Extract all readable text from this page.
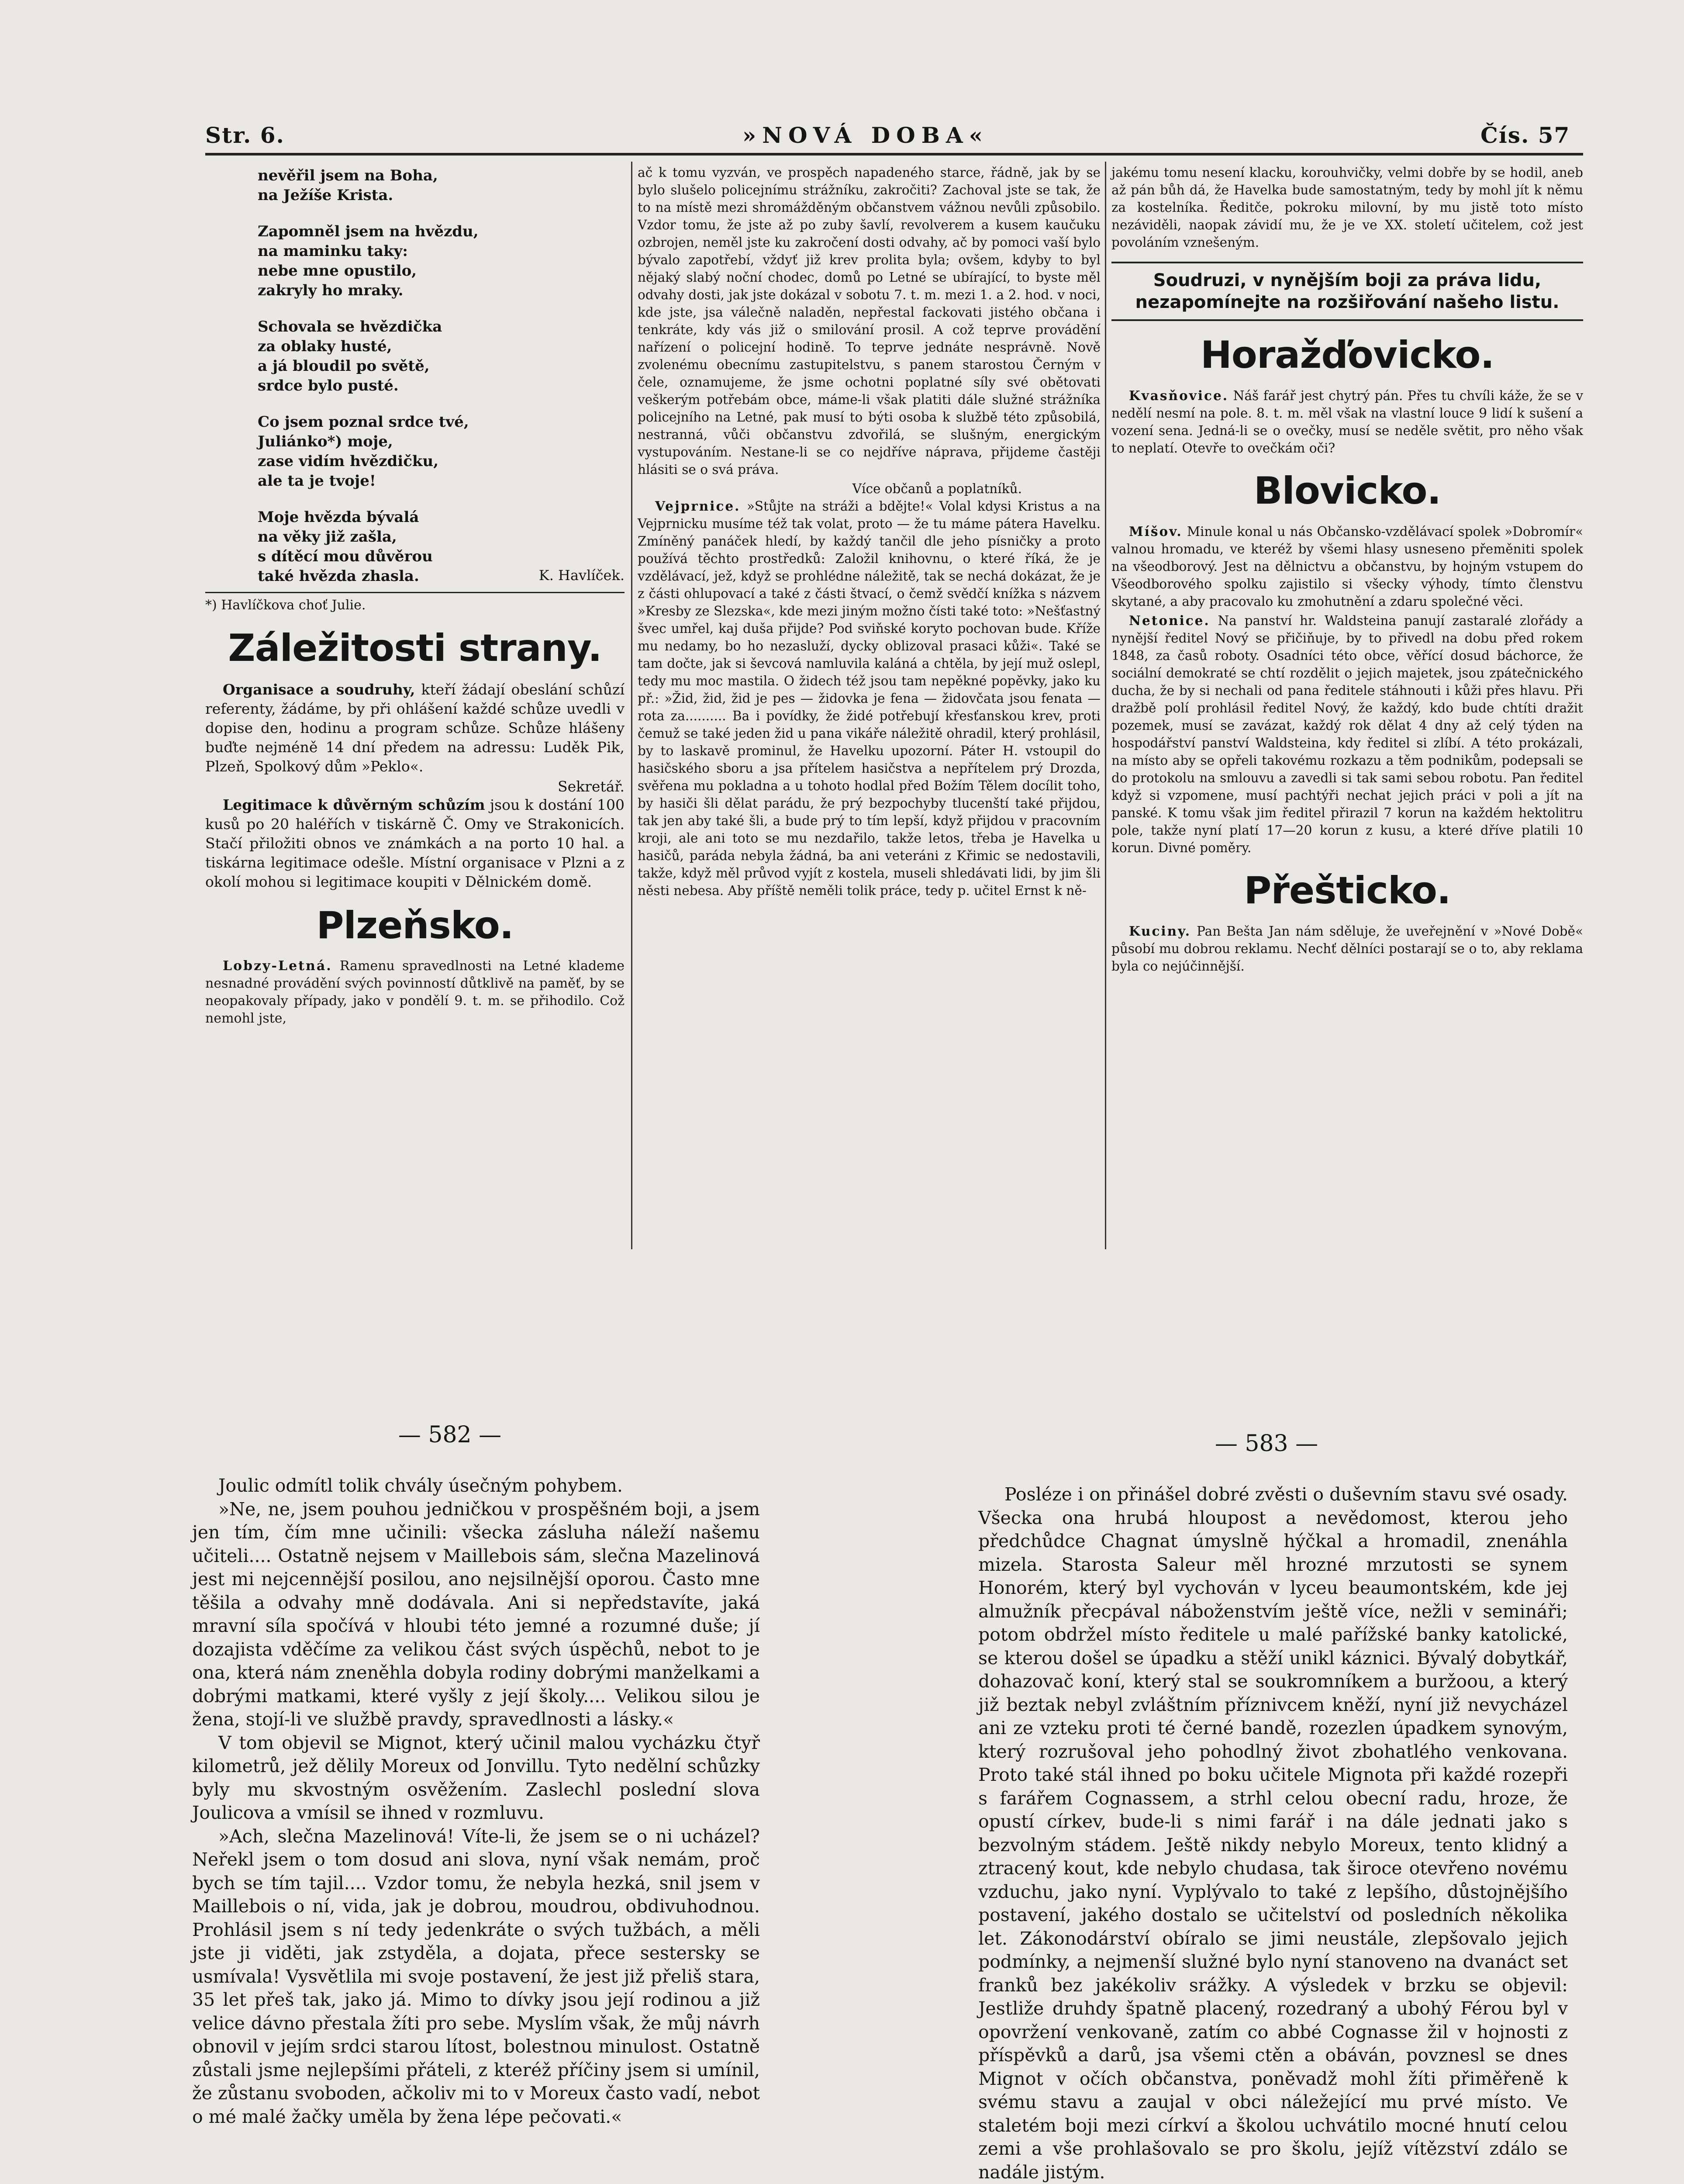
Str. 6.	»NOVÁ DOBA«	Čís. 57

nevěřil jsem na Boha,
na Ježíše Krista.

Zapomněl jsem na hvězdu,
na maminku taky:
nebe mne opustilo,
zakryly ho mraky.

Schovala se hvězdička
za oblaky husté,
a já bloudil po světě,
srdce bylo pusté.

Co jsem poznal srdce tvé,
Juliánko*) moje,
zase vidím hvězdičku,
ale ta je tvoje!

Moje hvězda bývalá
na věky již zašla,
s dítěcí mou důvěrou
také hvězda zhasla.	K. Havlíček.
*) Havlíčkova choť Julie.
Záležitosti strany.

Organisace a soudruhy, kteří žádají obeslání schůzí referenty, žádáme, by při ohlášení každé schůze uvedli v dopise den, hodinu a program schůze. Schůze hlášeny buďte nejméně 14 dní předem na adressu: Luděk Pik, Plzeň, Spolkový dům »Peklo«.

Sekretář.

Legitimace k důvěrným schůzím jsou k dostání 100 kusů po 20 haléřích v tiskárně Č. Omy ve Strakonicích. Stačí přiložiti obnos ve známkách a na porto 10 hal. a tiskárna legitimace odešle. Místní organisace v Plzni a z okolí mohou si legitimace koupiti v Dělnickém domě.

Plzeňsko.

Lobzy-Letná. Ramenu spravedlnosti na Letné klademe nesnadné provádění svých povinností důtklivě na paměť, by se neopakovaly případy, jako v pondělí 9. t. m. se přihodilo. Což nemohl jste,

ač k tomu vyzván, ve prospěch napadeného starce, řádně, jak by se bylo slušelo policejnímu strážníku, zakročiti? Zachoval jste se tak, že to na místě mezi shromážděným občanstvem vážnou nevůli způsobilo. Vzdor tomu, že jste až po zuby šavlí, revolverem a kusem kaučuku ozbrojen, neměl jste ku zakročení dosti odvahy, ač by pomoci vaší bylo bývalo zapotřebí, vždyť již krev prolita byla; ovšem, kdyby to byl nějaký slabý noční chodec, domů po Letné se ubírající, to byste měl odvahy dosti, jak jste dokázal v sobotu 7. t. m. mezi 1. a 2. hod. v noci, kde jste, jsa válečně naladěn, nepřestal fackovati jistého občana i tenkráte, kdy vás již o smilování prosil. A což teprve provádění nařízení o policejní hodině. To teprve jednáte nesprávně. Nově zvolenému obecnímu zastupitelstvu, s panem starostou Černým v čele, oznamujeme, že jsme ochotni poplatné síly své obětovati veškerým potřebám obce, máme-li však platiti dále služné strážníka policejního na Letné, pak musí to býti osoba k službě této způsobilá, nestranná, vůči občanstvu zdvořilá, se slušným, energickým vystupováním. Nestane-li se co nejdříve náprava, přijdeme častěji hlásiti se o svá práva.

Více občanů a poplatníků.

Vejprnice. »Stůjte na stráži a bdějte!« Volal kdysi Kristus a na Vejprnicku musíme též tak volat, proto — že tu máme pátera Havelku. Zmíněný panáček hledí, by každý tančil dle jeho písničky a proto používá těchto prostředků: Založil knihovnu, o které říká, že je vzdělávací, jež, když se prohlédne náležitě, tak se nechá dokázat, že je z části ohlupovací a také z části štvací, o čemž svědčí knížka s názvem »Kresby ze Slezska«, kde mezi jiným možno čísti také toto: »Nešťastný švec umřel, kaj duša přijde? Pod sviňské koryto pochovan bude. Kříže mu nedamy, bo ho nezasluží, dycky oblizoval prasaci kůži«. Také se tam dočte, jak si ševcová namluvila kaláná a chtěla, by její muž oslepl, tedy mu moc mastila. O židech též jsou tam nepěkné popěvky, jako ku př.: »Žid, žid, žid je pes — židovka je fena — židovčata jsou fenata — rota za.......... Ba i povídky, že židé potřebují křesťanskou krev, proti čemuž se také jeden žid u pana vikáře náležitě ohradil, který prohlásil, by to laskavě prominul, že Havelku upozorní. Páter H. vstoupil do hasičského sboru a jsa přítelem hasičstva a nepřítelem prý Drozda, svěřena mu pokladna a u tohoto hodlal před Božím Tělem docílit toho, by hasiči šli dělat parádu, že prý bezpochyby tlucenští také přijdou, tak jen aby také šli, a bude prý to tím lepší, když přijdou v pracovním kroji, ale ani toto se mu nezdařilo, takže letos, třeba je Havelka u hasičů, paráda nebyla žádná, ba ani veteráni z Křimic se nedostavili, takže, když měl průvod vyjít z kostela, museli shledávati lidi, by jim šli něsti nebesa. Aby příště neměli tolik práce, tedy p. učitel Ernst k ně-

jakému tomu nesení klacku, korouhvičky, velmi dobře by se hodil, aneb až pán bůh dá, že Havelka bude samostatným, tedy by mohl jít k němu za kostelníka. Ředitče, pokroku milovní, by mu jistě toto místo nezáviděli, naopak závidí mu, že je ve XX. století učitelem, což jest povoláním vznešeným.

Soudruzi, v nynějším boji za práva lidu, nezapomínejte na rozšiřování našeho listu.
Horažďovicko.

Kvasňovice. Náš farář jest chytrý pán. Přes tu chvíli káže, že se v nedělí nesmí na pole. 8. t. m. měl však na vlastní louce 9 lidí k sušení a vození sena. Jedná-li se o ovečky, musí se neděle světit, pro něho však to neplatí. Otevře to ovečkám oči?

Blovicko.

Míšov. Minule konal u nás Občansko-vzdělávací spolek »Dobromír« valnou hromadu, ve kteréž by všemi hlasy usneseno přeměniti spolek na všeodborový. Jest na dělnictvu a občanstvu, by hojným vstupem do Všeodborového spolku zajistilo si všecky výhody, tímto členstvu skytané, a aby pracovalo ku zmohutnění a zdaru společné věci.

Netonice. Na panství hr. Waldsteina panují zastaralé zlořády a nynější ředitel Nový se přičiňuje, by to přivedl na dobu před rokem 1848, za časů roboty. Osadníci této obce, věřící dosud báchorce, že sociální demokraté se chtí rozdělit o jejich majetek, jsou zpátečnického ducha, že by si nechali od pana ředitele stáhnouti i kůži přes hlavu. Při dražbě polí prohlásil ředitel Nový, že každý, kdo bude chtíti dražit pozemek, musí se zavázat, každý rok dělat 4 dny až celý týden na hospodářství panství Waldsteina, kdy ředitel si zlíbí. A této prokázali, na místo aby se opřeli takovému rozkazu a těm podnikům, podepsali se do protokolu na smlouvu a zavedli si tak sami sebou robotu. Pan ředitel když si vzpomene, musí pachtýři nechat jejich práci v poli a jít na panské. K tomu však jim ředitel přirazil 7 korun na každém hektolitru pole, takže nyní platí 17—20 korun z kusu, a které dříve platili 10 korun. Divné poměry.

Přešticko.

Kuciny. Pan Bešta Jan nám sděluje, že uveřejnění v »Nové Době« působí mu dobrou reklamu. Nechť dělníci postarají se o to, aby reklama byla co nejúčinnější.

— 582 —	— 583 —

Joulic odmítl tolik chvály úsečným pohybem.

»Ne, ne, jsem pouhou jedničkou v prospěšném boji, a jsem jen tím, čím mne učinili: všecka zásluha náleží našemu učiteli.... Ostatně nejsem v Maillebois sám, slečna Mazelinová jest mi nejcennější posilou, ano nejsilnější oporou. Často mne těšila a odvahy mně dodávala. Ani si nepředstavíte, jaká mravní síla spočívá v hloubi této jemné a rozumné duše; jí dozajista vděčíme za velikou část svých úspěchů, nebot to je ona, která nám zneněhla dobyla rodiny dobrými manželkami a dobrými matkami, které vyšly z její školy.... Velikou silou je žena, stojí-li ve službě pravdy, spravedlnosti a lásky.«

V tom objevil se Mignot, který učinil malou vycházku čtyř kilometrů, jež dělily Moreux od Jonvillu. Tyto nedělní schůzky byly mu skvostným osvěžením. Zaslechl poslední slova Joulicova a vmísil se ihned v rozmluvu.

»Ach, slečna Mazelinová! Víte-li, že jsem se o ni ucházel? Neřekl jsem o tom dosud ani slova, nyní však nemám, proč bych se tím tajil.... Vzdor tomu, že nebyla hezká, snil jsem v Maillebois o ní, vida, jak je dobrou, moudrou, obdivuhodnou. Prohlásil jsem s ní tedy jedenkráte o svých tužbách, a měli jste ji viděti, jak zstyděla, a dojata, přece sestersky se usmívala! Vysvětlila mi svoje postavení, že jest již přeliš stara, 35 let přeš tak, jako já. Mimo to dívky jsou její rodinou a již velice dávno přestala žíti pro sebe. Myslím však, že můj návrh obnovil v jejím srdci starou lítost, bolestnou minulost. Ostatně zůstali jsme nejlepšími přáteli, z kteréž příčiny jsem si umínil, že zůstanu svoboden, ačkoliv mi to v Moreux často vadí, nebot o mé malé žačky uměla by žena lépe pečovati.«

Posléze i on přinášel dobré zvěsti o duševním stavu své osady. Všecka ona hrubá hloupost a nevědomost, kterou jeho předchůdce Chagnat úmyslně hýčkal a hromadil, znenáhla mizela. Starosta Saleur měl hrozné mrzutosti se synem Honorém, který byl vychován v lyceu beaumontském, kde jej almužník přecpával náboženstvím ještě více, nežli v semináři; potom obdržel místo ředitele u malé pařížské banky katolické, se kterou došel se úpadku a stěží unikl káznici. Bývalý dobytkář, dohazovač koní, který stal se soukromníkem a buržoou, a který již beztak nebyl zvláštním příznivcem kněží, nyní již nevycházel ani ze vzteku proti té černé bandě, rozezlen úpadkem synovým, který rozrušoval jeho pohodlný život zbohatlého venkovana. Proto také stál ihned po boku učitele Mignota při každé rozepři s farářem Cognassem, a strhl celou obecní radu, hroze, že opustí církev, bude-li s nimi farář i na dále jednati jako s bezvolným stádem. Ještě nikdy nebylo Moreux, tento klidný a ztracený kout, kde nebylo chudasa, tak široce otevřeno novému vzduchu, jako nyní. Vyplývalo to také z lepšího, důstojnějšího postavení, jakého dostalo se učitelství od posledních několika let. Zákonodárství obíralo se jimi neustále, zlepšovalo jejich podmínky, a nejmenší služné bylo nyní stanoveno na dvanáct set franků bez jakékoliv srážky. A výsledek v brzku se objevil: Jestliže druhdy špatně placený, rozedraný a ubohý Férou byl v opovržení venkovaně, zatím co abbé Cognasse žil v hojnosti z příspěvků a darů, jsa všemi ctěn a obáván, povznesl se dnes Mignot v očích občanstva, poněvadž mohl žíti přiměřeně k svému stavu a zaujal v obci náležející mu prvé místo. Ve staletém boji mezi církví a školou uchvátilo mocné hnutí celou zemi a vše prohlašovalo se pro školu, jejíž vítězství zdálo se nadále jistým.
